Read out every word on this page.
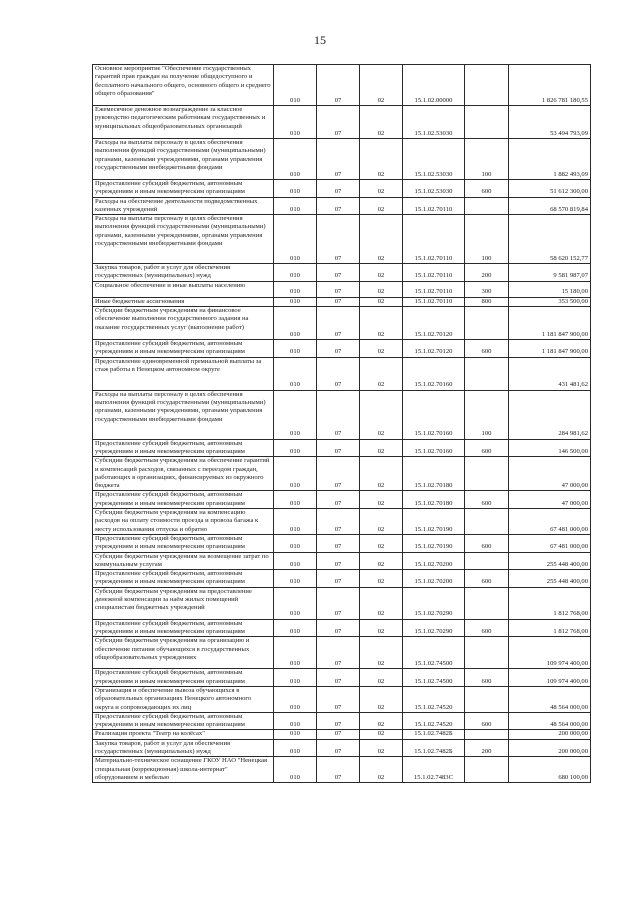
15
Основное мероприятие "Обеспечение государственных гарантий прав граждан на получение общедоступного и бесплатного начального общего, основного общего и среднего общего образования"	010	07	02	15.1.02.00000		1 826 781 180,55
Ежемесячное денежное вознаграждение за классное руководство педагогическим работникам государственных и муниципальных общеобразовательных организаций	010	07	02	15.1.02.53030		53 494 793,09
Расходы на выплаты персоналу в целях обеспечения выполнения функций государственными (муниципальными) органами, казенными учреждениями, органами управления государственными внебюджетными фондами	010	07	02	15.1.02.53030	100	1 882 493,09
Предоставление субсидий бюджетным, автономным учреждениям и иным некоммерческим организациям	010	07	02	15.1.02.53030	600	51 612 300,00
Расходы на обеспечение деятельности подведомственных казенных учреждений	010	07	02	15.1.02.70110		68 570 819,84
Расходы на выплаты персоналу в целях обеспечения выполнения функций государственными (муниципальными) органами, казенными учреждениями, органами управления государственными внебюджетными фондами	010	07	02	15.1.02.70110	100	58 620 152,77
Закупка товаров, работ и услуг для обеспечения государственных (муниципальных) нужд	010	07	02	15.1.02.70110	200	9 581 987,07
Социальное обеспечение и иные выплаты населению	010	07	02	15.1.02.70110	300	15 180,00
Иные бюджетные ассигнования	010	07	02	15.1.02.70110	800	353 500,00
Субсидии бюджетным учреждениям на финансовое обеспечение выполнения государственного задания на оказание государственных услуг (выполнение работ)	010	07	02	15.1.02.70120		1 181 847 900,00
Предоставление субсидий бюджетным, автономным учреждениям и иным некоммерческим организациям	010	07	02	15.1.02.70120	600	1 181 847 900,00
Предоставление единовременной премиальной выплаты за стаж работы в Ненецком автономном округе	010	07	02	15.1.02.70160		431 481,62
Расходы на выплаты персоналу в целях обеспечения выполнения функций государственными (муниципальными) органами, казенными учреждениями, органами управления государственными внебюджетными фондами	010	07	02	15.1.02.70160	100	284 981,62
Предоставление субсидий бюджетным, автономным учреждениям и иным некоммерческим организациям	010	07	02	15.1.02.70160	600	146 500,00
Субсидии бюджетным учреждениям на обеспечение гарантий и компенсаций расходов, связанных с переездом граждан, работающих в организациях, финансируемых из окружного бюджета	010	07	02	15.1.02.70180		47 000,00
Предоставление субсидий бюджетным, автономным учреждениям и иным некоммерческим организациям	010	07	02	15.1.02.70180	600	47 000,00
Субсидии бюджетным учреждениям на компенсацию расходов на оплату стоимости проезда и провоза багажа к месту использования отпуска и обратно	010	07	02	15.1.02.70190		67 481 000,00
Предоставление субсидий бюджетным, автономным учреждениям и иным некоммерческим организациям	010	07	02	15.1.02.70190	600	67 481 000,00
Субсидии бюджетным учреждениям на возмещение затрат по коммунальным услугам	010	07	02	15.1.02.70200		255 448 400,00
Предоставление субсидий бюджетным, автономным учреждениям и иным некоммерческим организациям	010	07	02	15.1.02.70200	600	255 448 400,00
Субсидии бюджетным учреждениям на предоставление денежной компенсации за наём жилых помещений специалистам бюджетных учреждений	010	07	02	15.1.02.70290		1 812 768,00
Предоставление субсидий бюджетным, автономным учреждениям и иным некоммерческим организациям	010	07	02	15.1.02.70290	600	1 812 768,00
Субсидии бюджетным учреждениям на организацию и обеспечение питания обучающихся в государственных общеобразовательных учреждениях	010	07	02	15.1.02.74500		109 974 400,00
Предоставление субсидий бюджетным, автономным учреждениям и иным некоммерческим организациям	010	07	02	15.1.02.74500	600	109 974 400,00
Организация и обеспечение вывоза обучающихся в образовательных организациях Ненецкого автономного округа и сопровождающих их лиц	010	07	02	15.1.02.74520		48 564 000,00
Предоставление субсидий бюджетным, автономным учреждениям и иным некоммерческим организациям	010	07	02	15.1.02.74520	600	48 564 000,00
Реализация проекта "Театр на колёсах"	010	07	02	15.1.02.7482Б		200 000,00
Закупка товаров, работ и услуг для обеспечения государственных (муниципальных) нужд	010	07	02	15.1.02.7482Б	200	200 000,00
Материально-техническое оснащение ГКОУ НАО "Ненецкая специальная (коррекционная) школа-интернат" оборудованием и мебелью	010	07	02	15.1.02.7483С		680 100,00
